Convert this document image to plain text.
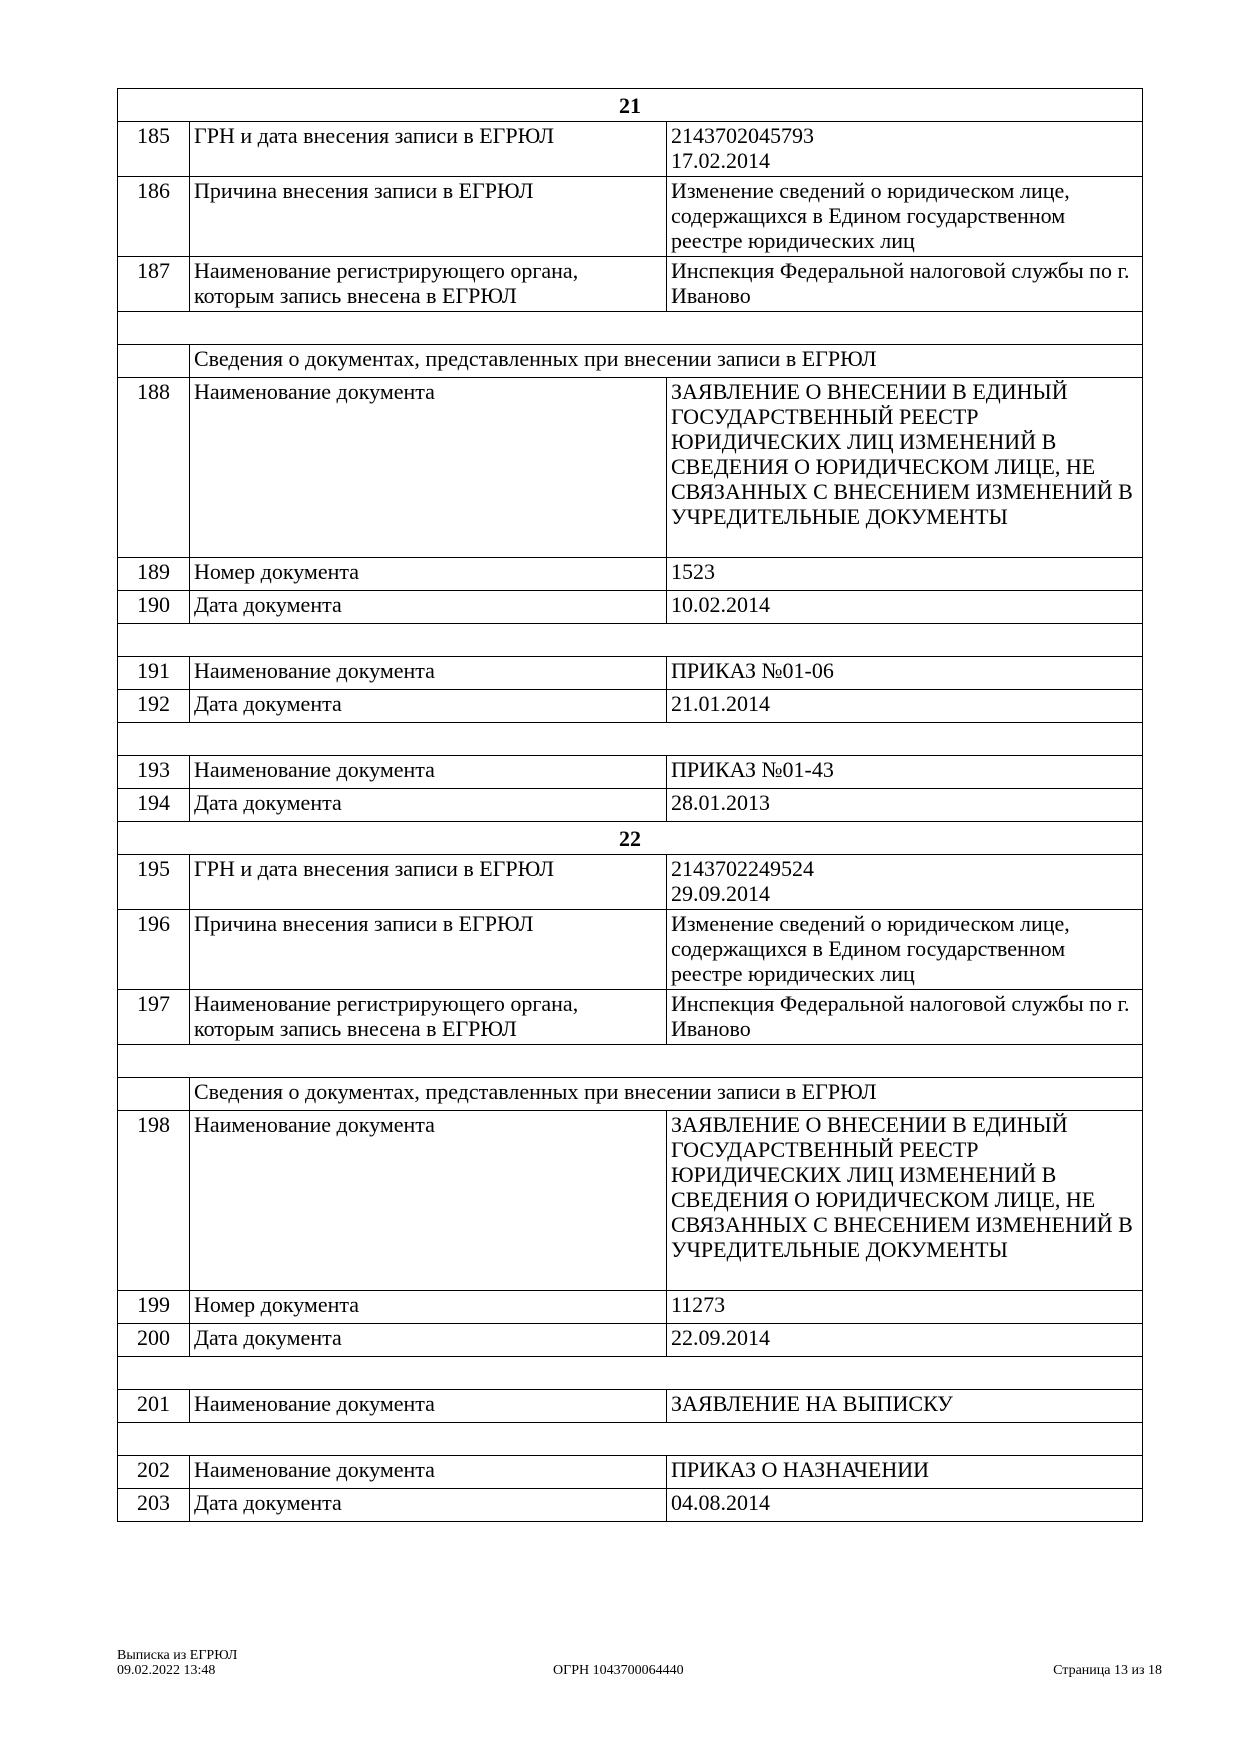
21		
185	ГРН и дата внесения записи в ЕГРЮЛ	2143702045793
17.02.2014
186	Причина внесения записи в ЕГРЮЛ	Изменение сведений о юридическом лице, содержащихся в Едином государственном реестре юридических лиц
187	Наименование регистрирующего органа, которым запись внесена в ЕГРЮЛ	Инспекция Федеральной налоговой службы по г. Иваново

	Сведения о документах, представленных при внесении записи в ЕГРЮЛ	
188	Наименование документа	ЗАЯВЛЕНИЕ О ВНЕСЕНИИ В ЕДИНЫЙ ГОСУДАРСТВЕННЫЙ РЕЕСТР ЮРИДИЧЕСКИХ ЛИЦ ИЗМЕНЕНИЙ В СВЕДЕНИЯ О ЮРИДИЧЕСКОМ ЛИЦЕ, НЕ СВЯЗАННЫХ С ВНЕСЕНИЕМ ИЗМЕНЕНИЙ В УЧРЕДИТЕЛЬНЫЕ ДОКУМЕНТЫ
189	Номер документа	1523
190	Дата документа	10.02.2014

191	Наименование документа	ПРИКАЗ №01-06
192	Дата документа	21.01.2014

193	Наименование документа	ПРИКАЗ №01-43
194	Дата документа	28.01.2013
22		
195	ГРН и дата внесения записи в ЕГРЮЛ	2143702249524
29.09.2014
196	Причина внесения записи в ЕГРЮЛ	Изменение сведений о юридическом лице, содержащихся в Едином государственном реестре юридических лиц
197	Наименование регистрирующего органа, которым запись внесена в ЕГРЮЛ	Инспекция Федеральной налоговой службы по г. Иваново

	Сведения о документах, представленных при внесении записи в ЕГРЮЛ	
198	Наименование документа	ЗАЯВЛЕНИЕ О ВНЕСЕНИИ В ЕДИНЫЙ ГОСУДАРСТВЕННЫЙ РЕЕСТР ЮРИДИЧЕСКИХ ЛИЦ ИЗМЕНЕНИЙ В СВЕДЕНИЯ О ЮРИДИЧЕСКОМ ЛИЦЕ, НЕ СВЯЗАННЫХ С ВНЕСЕНИЕМ ИЗМЕНЕНИЙ В УЧРЕДИТЕЛЬНЫЕ ДОКУМЕНТЫ
199	Номер документа	11273
200	Дата документа	22.09.2014

201	Наименование документа	ЗАЯВЛЕНИЕ НА ВЫПИСКУ

202	Наименование документа	ПРИКАЗ О НАЗНАЧЕНИИ
203	Дата документа	04.08.2014
Выписка из ЕГРЮЛ
09.02.2022 13:48	ОГРН 1043700064440	Страница 13 из 18
